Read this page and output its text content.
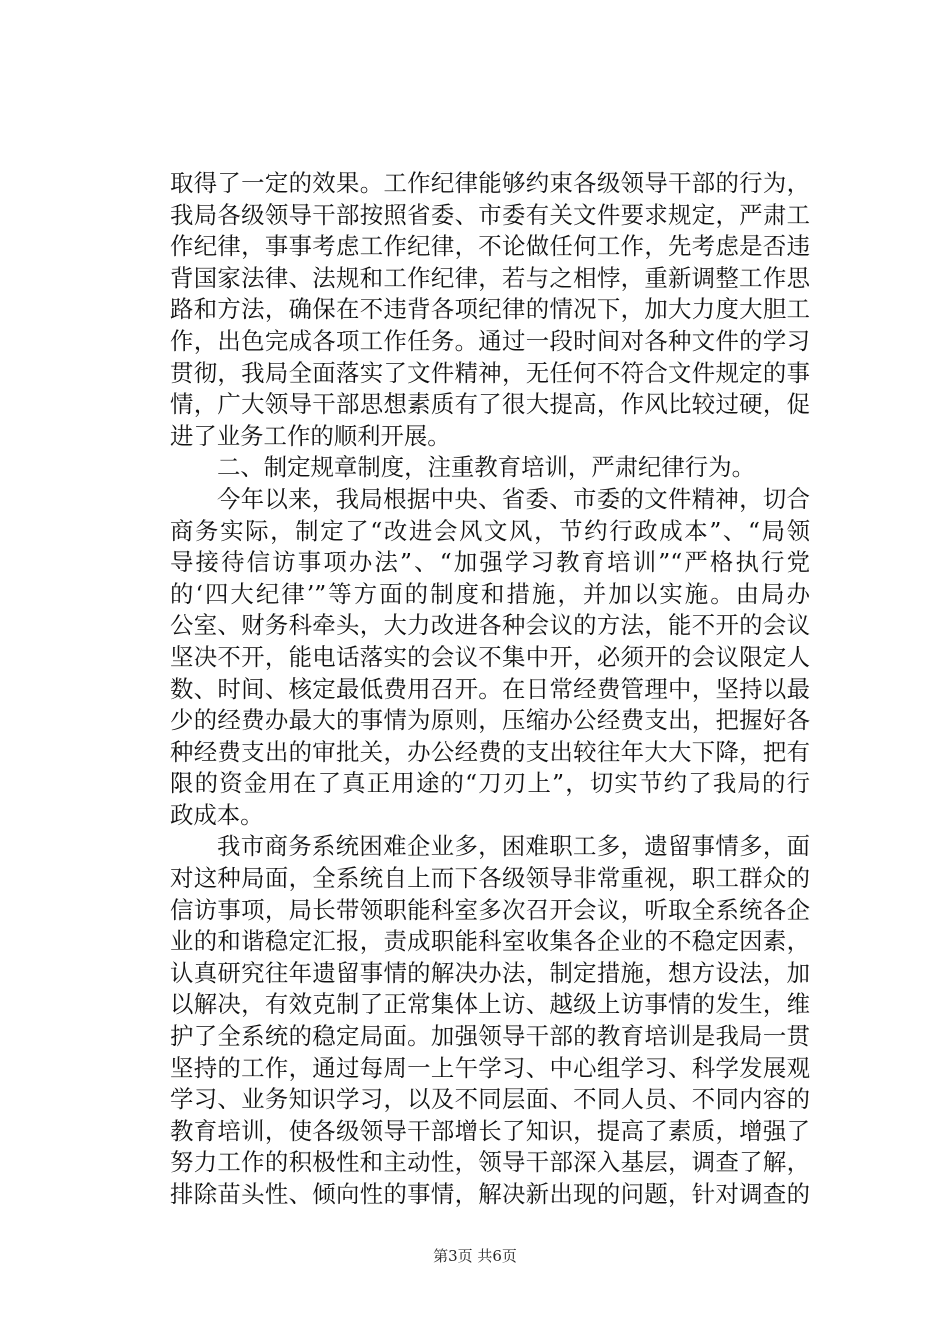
取得了一定的效果。工作纪律能够约束各级领导干部的行为，
我局各级领导干部按照省委、市委有关文件要求规定，严肃工
作纪律，事事考虑工作纪律，不论做任何工作，先考虑是否违
背国家法律、法规和工作纪律，若与之相悖，重新调整工作思
路和方法，确保在不违背各项纪律的情况下，加大力度大胆工
作，出色完成各项工作任务。通过一段时间对各种文件的学习
贯彻，我局全面落实了文件精神，无任何不符合文件规定的事
情，广大领导干部思想素质有了很大提高，作风比较过硬，促
进了业务工作的顺利开展。
二、制定规章制度，注重教育培训，严肃纪律行为。
今年以来，我局根据中央、省委、市委的文件精神，切合
商务实际，制定了“改进会风文风，节约行政成本”、“局领
导接待信访事项办法”、“加强学习教育培训”“严格执行党
的‘四大纪律’”等方面的制度和措施，并加以实施。由局办
公室、财务科牵头，大力改进各种会议的方法，能不开的会议
坚决不开，能电话落实的会议不集中开，必须开的会议限定人
数、时间、核定最低费用召开。在日常经费管理中，坚持以最
少的经费办最大的事情为原则，压缩办公经费支出，把握好各
种经费支出的审批关，办公经费的支出较往年大大下降，把有
限的资金用在了真正用途的“刀刃上”，切实节约了我局的行
政成本。
我市商务系统困难企业多，困难职工多，遗留事情多，面
对这种局面，全系统自上而下各级领导非常重视，职工群众的
信访事项，局长带领职能科室多次召开会议，听取全系统各企
业的和谐稳定汇报，责成职能科室收集各企业的不稳定因素，
认真研究往年遗留事情的解决办法，制定措施，想方设法，加
以解决，有效克制了正常集体上访、越级上访事情的发生，维
护了全系统的稳定局面。加强领导干部的教育培训是我局一贯
坚持的工作，通过每周一上午学习、中心组学习、科学发展观
学习、业务知识学习，以及不同层面、不同人员、不同内容的
教育培训，使各级领导干部增长了知识，提高了素质，增强了
努力工作的积极性和主动性，领导干部深入基层，调查了解，
排除苗头性、倾向性的事情，解决新出现的问题，针对调查的
第3页 共6页
